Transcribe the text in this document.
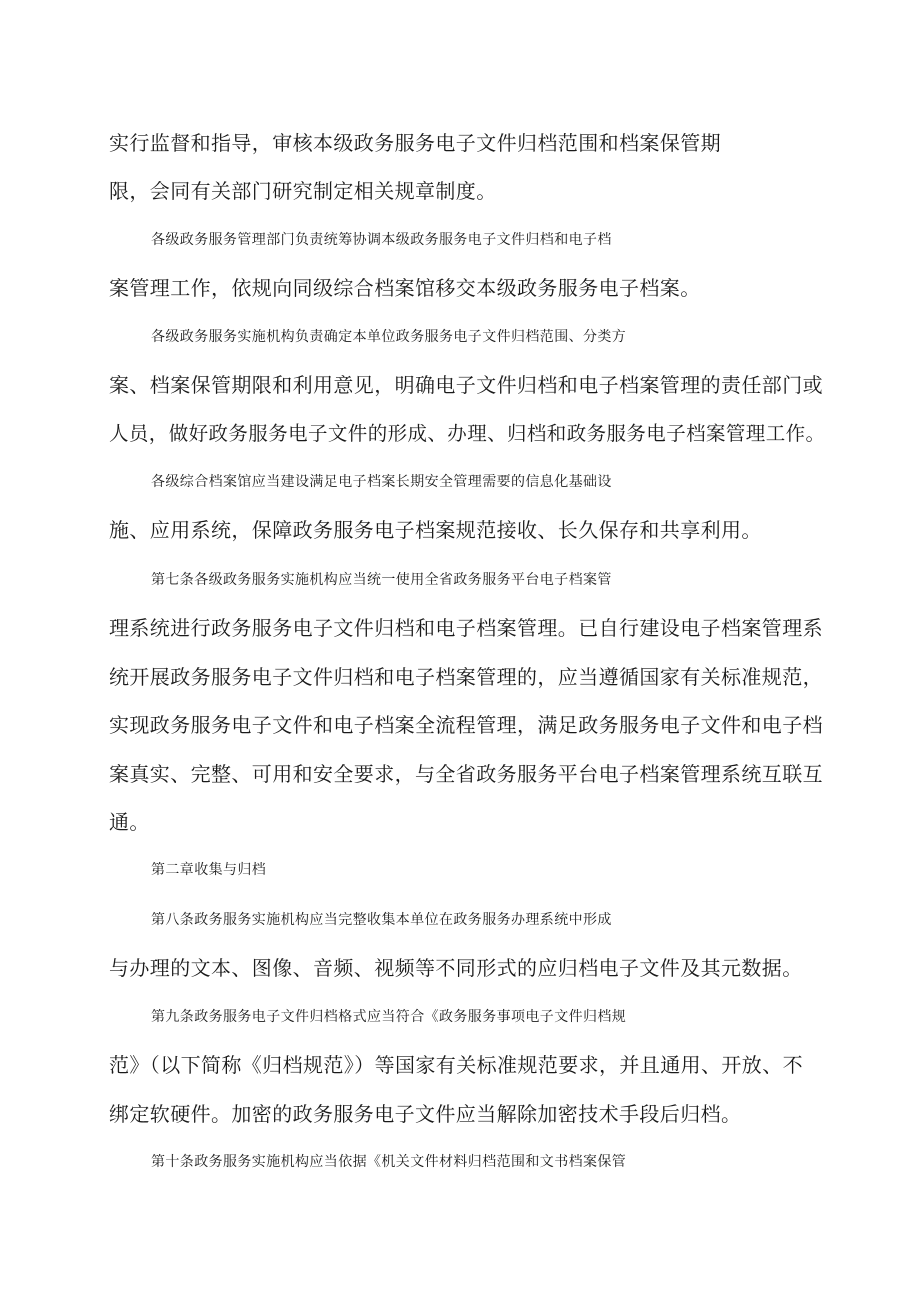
实行监督和指导，审核本级政务服务电子文件归档范围和档案保管期
限，会同有关部门研究制定相关规章制度。
各级政务服务管理部门负责统筹协调本级政务服务电子文件归档和电子档
案管理工作，依规向同级综合档案馆移交本级政务服务电子档案。
各级政务服务实施机构负责确定本单位政务服务电子文件归档范围、分类方
案、档案保管期限和利用意见，明确电子文件归档和电子档案管理的责任部门或
人员，做好政务服务电子文件的形成、办理、归档和政务服务电子档案管理工作。
各级综合档案馆应当建设满足电子档案长期安全管理需要的信息化基础设
施、应用系统，保障政务服务电子档案规范接收、长久保存和共享利用。
第七条各级政务服务实施机构应当统一使用全省政务服务平台电子档案管
理系统进行政务服务电子文件归档和电子档案管理。已自行建设电子档案管理系
统开展政务服务电子文件归档和电子档案管理的，应当遵循国家有关标准规范，
实现政务服务电子文件和电子档案全流程管理，满足政务服务电子文件和电子档
案真实、完整、可用和安全要求，与全省政务服务平台电子档案管理系统互联互
通。
第二章收集与归档
第八条政务服务实施机构应当完整收集本单位在政务服务办理系统中形成
与办理的文本、图像、音频、视频等不同形式的应归档电子文件及其元数据。
第九条政务服务电子文件归档格式应当符合《政务服务事项电子文件归档规
范》（以下简称《归档规范》）等国家有关标准规范要求，并且通用、开放、不
绑定软硬件。加密的政务服务电子文件应当解除加密技术手段后归档。
第十条政务服务实施机构应当依据《机关文件材料归档范围和文书档案保管
